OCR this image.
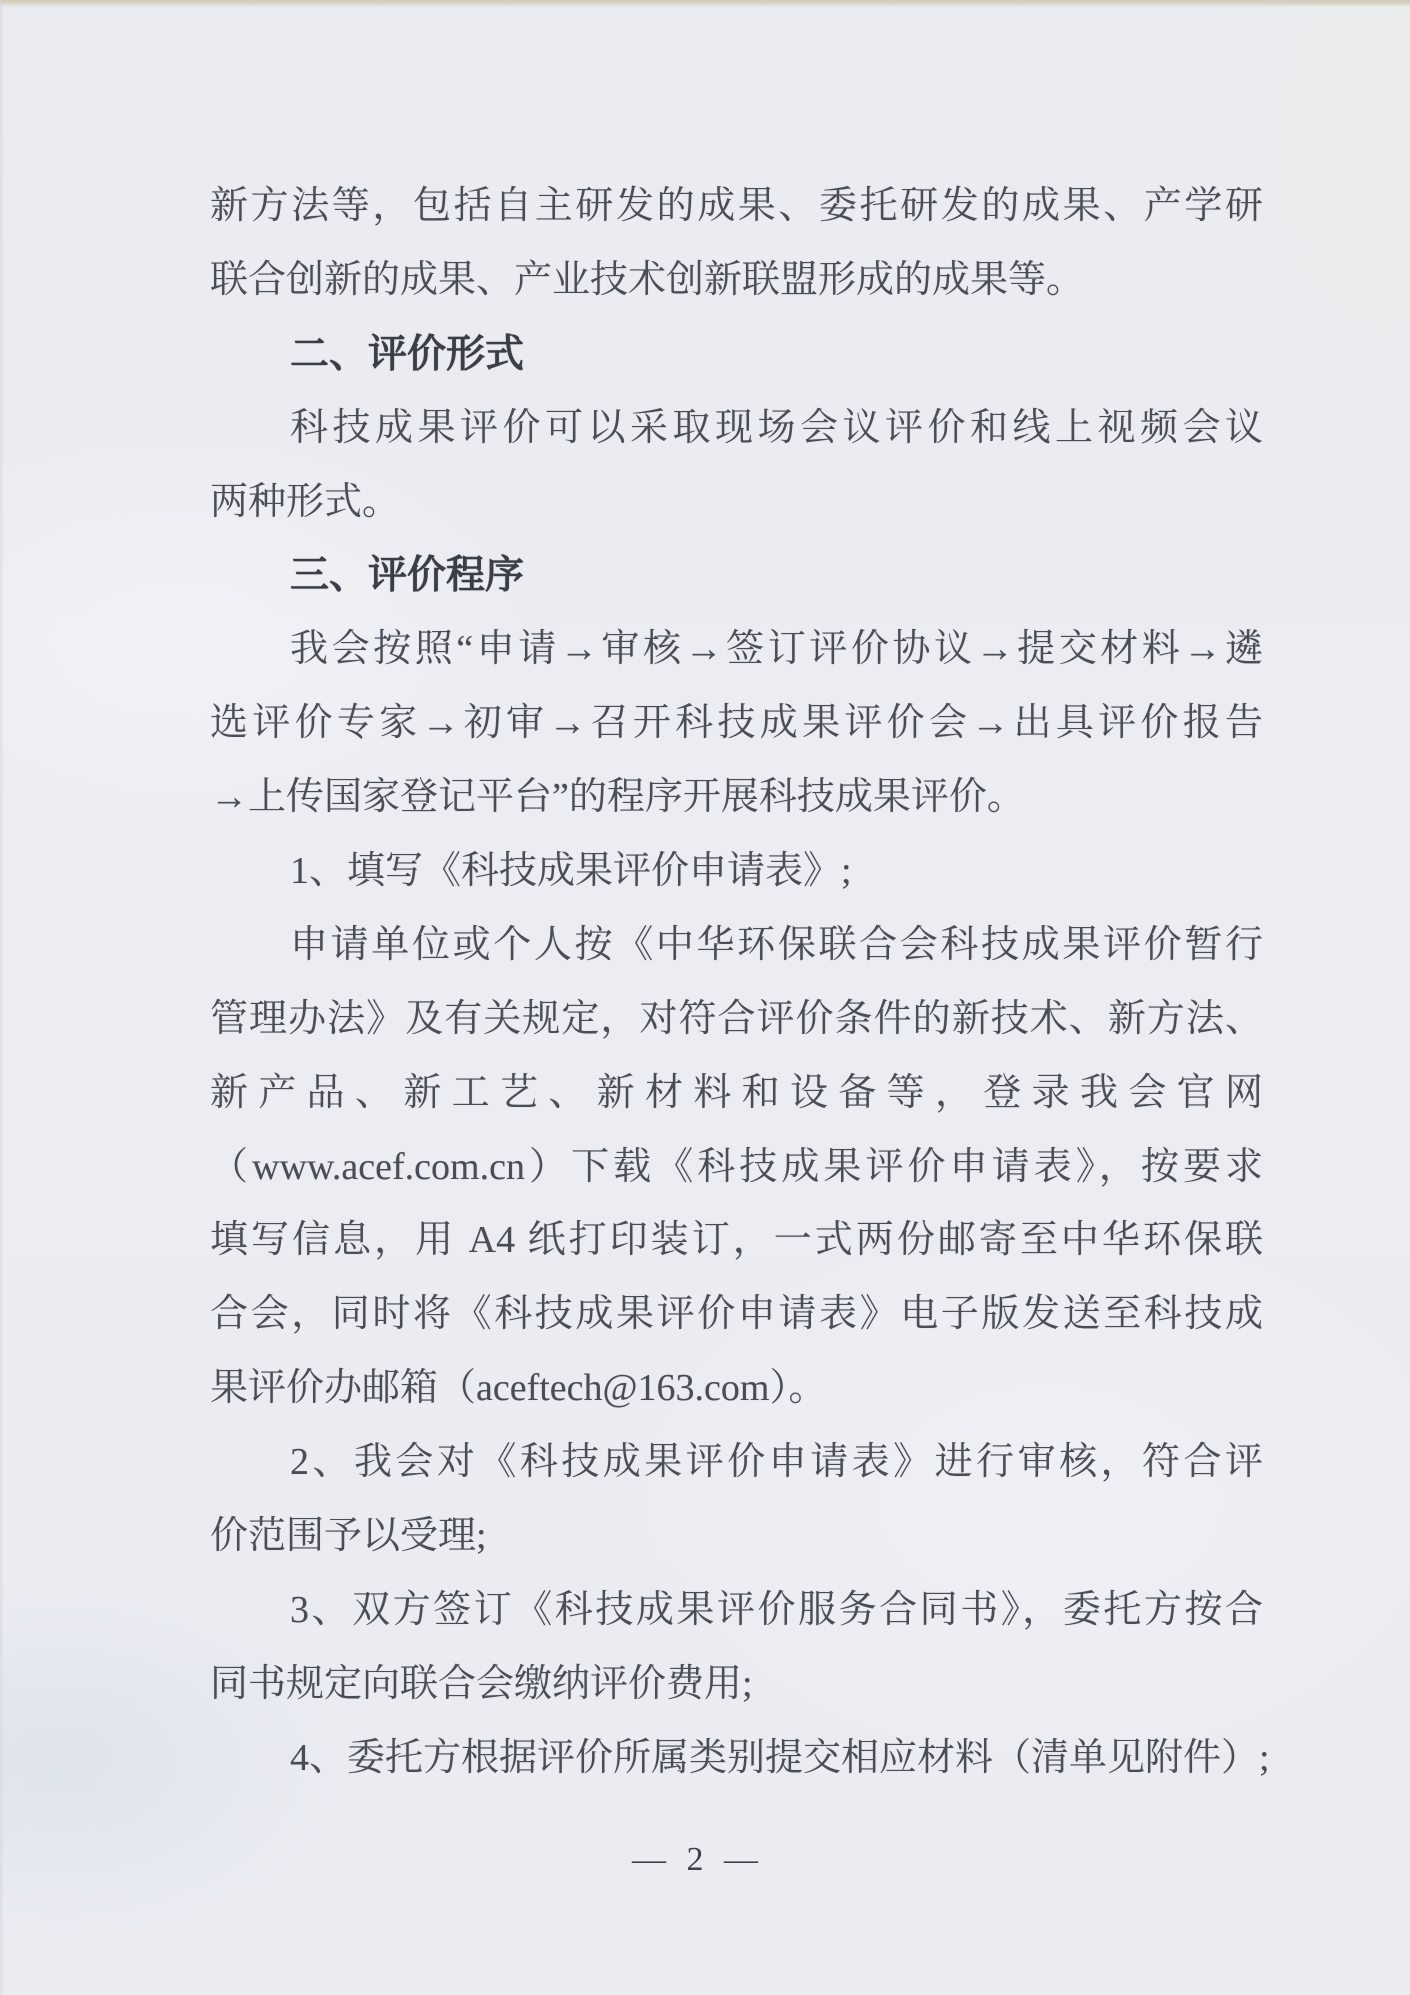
新方法等，包括自主研发的成果、委托研发的成果、产学研
联合创新的成果、产业技术创新联盟形成的成果等。
二、评价形式
科技成果评价可以采取现场会议评价和线上视频会议
两种形式。
三、评价程序
我会按照“申请→审核→签订评价协议→提交材料→遴
选评价专家→初审→召开科技成果评价会→出具评价报告
→上传国家登记平台”的程序开展科技成果评价。
1、填写《科技成果评价申请表》;
申请单位或个人按《中华环保联合会科技成果评价暂行
管理办法》及有关规定，对符合评价条件的新技术、新方法、
新产品、新工艺、新材料和设备等，登录我会官网
（www.acef.com.cn）下载《科技成果评价申请表》，按要求
填写信息，用 A4 纸打印装订，一式两份邮寄至中华环保联
合会，同时将《科技成果评价申请表》电子版发送至科技成
果评价办邮箱（aceftech@163.com）。
2、我会对《科技成果评价申请表》进行审核，符合评
价范围予以受理;
3、双方签订《科技成果评价服务合同书》，委托方按合
同书规定向联合会缴纳评价费用;
4、委托方根据评价所属类别提交相应材料（清单见附件）;
— 2 —
